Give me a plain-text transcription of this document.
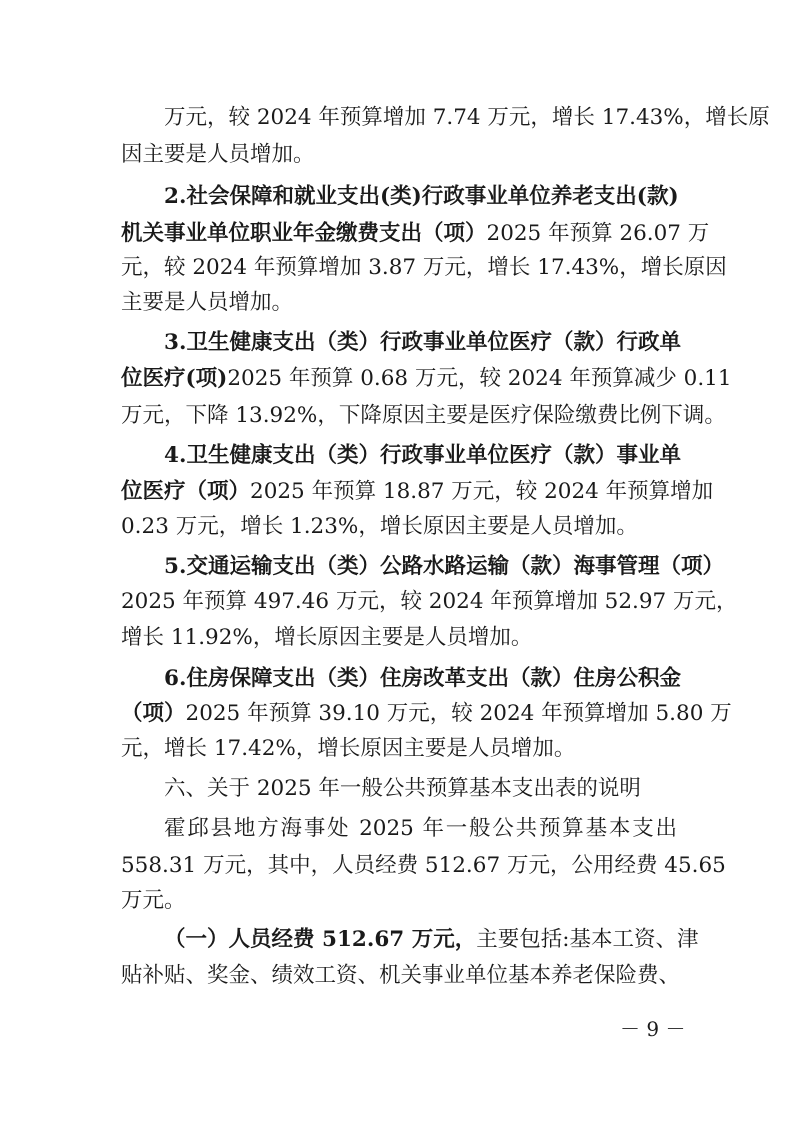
万元，较 2024 年预算增加 7.74 万元，增长 17.43%，增长原
因主要是人员增加。
2.社会保障和就业支出(类)行政事业单位养老支出(款)
机关事业单位职业年金缴费支出（项）2025 年预算 26.07 万
元，较 2024 年预算增加 3.87 万元，增长 17.43%，增长原因
主要是人员增加。
3.卫生健康支出（类）行政事业单位医疗（款）行政单
位医疗(项)2025 年预算 0.68 万元，较 2024 年预算减少 0.11
万元，下降 13.92%，下降原因主要是医疗保险缴费比例下调。
4.卫生健康支出（类）行政事业单位医疗（款）事业单
位医疗（项）2025 年预算 18.87 万元，较 2024 年预算增加
0.23 万元，增长 1.23%，增长原因主要是人员增加。
5.交通运输支出（类）公路水路运输（款）海事管理（项）
2025 年预算 497.46 万元，较 2024 年预算增加 52.97 万元，
增长 11.92%，增长原因主要是人员增加。
6.住房保障支出（类）住房改革支出（款）住房公积金
（项）2025 年预算 39.10 万元，较 2024 年预算增加 5.80 万
元，增长 17.42%，增长原因主要是人员增加。
六、关于 2025 年一般公共预算基本支出表的说明
霍邱县地方海事处 2025 年一般公共预算基本支出
558.31 万元，其中，人员经费 512.67 万元，公用经费 45.65
万元。
（一）人员经费 512.67 万元，主要包括:基本工资、津
贴补贴、奖金、绩效工资、机关事业单位基本养老保险费、
－ 9 －
